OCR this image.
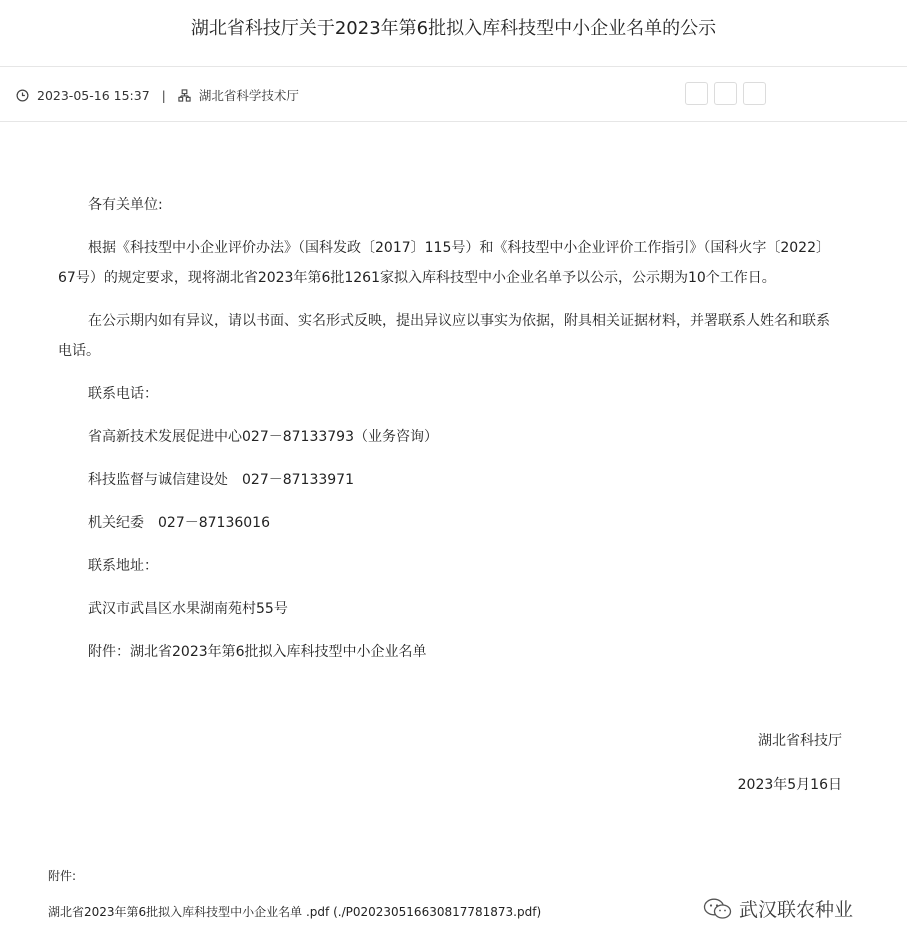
湖北省科技厅关于2023年第6批拟入库科技型中小企业名单的公示
2023-05-16 15:37 |	湖北省科学技术厅

各有关单位:

根据《科技型中小企业评价办法》（国科发政〔2017〕115号）和《科技型中小企业评价工作指引》（国科火字〔2022〕67号）的规定要求，现将湖北省2023年第6批1261家拟入库科技型中小企业名单予以公示，公示期为10个工作日。

在公示期内如有异议，请以书面、实名形式反映，提出异议应以事实为依据，附具相关证据材料，并署联系人姓名和联系电话。

联系电话：

省高新技术发展促进中心027－87133793（业务咨询）

科技监督与诚信建设处　027－87133971

机关纪委　027－87136016

联系地址：

武汉市武昌区水果湖南苑村55号

附件：湖北省2023年第6批拟入库科技型中小企业名单

湖北省科技厅
2023年5月16日
附件:
湖北省2023年第6批拟入库科技型中小企业名单 .pdf (./P020230516630817781873.pdf)	武汉联农种业
